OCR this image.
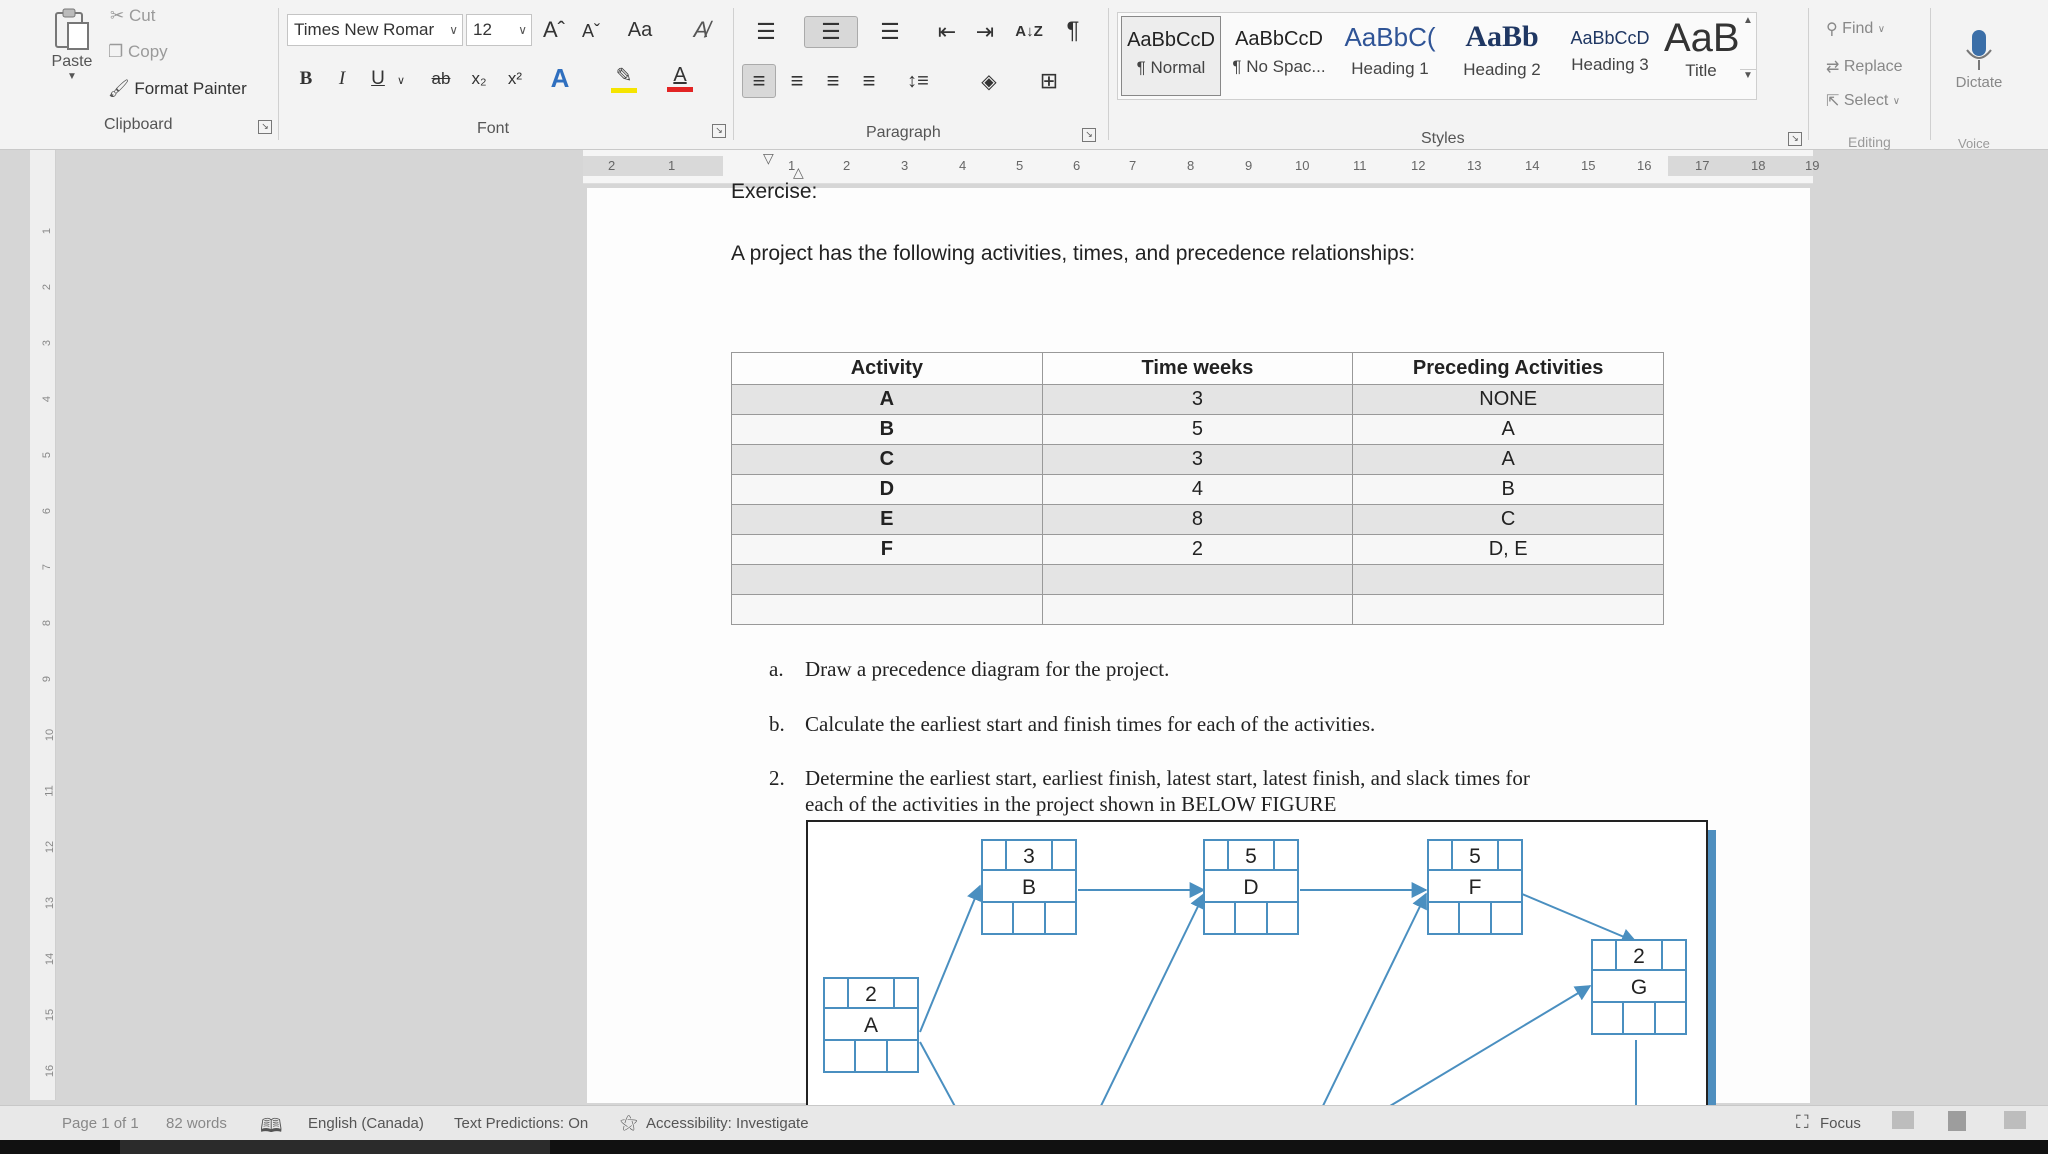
Paste
▼
✂
Cut
❐
Copy
🖌
Format Painter
Clipboard	↘
Times New Romar ∨ 12 ∨ Aˆ Aˇ	Aa	A̸
B	I	U	∨	ab	x₂	x² A	✎ A
Font	↘
☰	☰	☰	⇤ ⇥	A↓Z ¶
≡	≡	≡	≡	↕≡	◈	⊞
Paragraph	↘
AaBbCcD
¶ Normal
AaBbCcD
¶ No Spac...
AaBbC(
Heading 1
AaBb
Heading 2
AaBbCcD
Heading 3
AaB
Title
▲
▼
Styles	↘
⚲
Find
∨
⇄
Replace
⇱
Select
∨
Editing
Dictate
Voice
1
2
3
4
5
6
7
8
9
10
11
12
13
14
15
16
▽
△
2	1	1	2	3	4	5	6	7	8	9	10	11	12	13	14	15	16	17	18	19
Exercise:
A project has the following activities, times, and precedence relationships:
Activity	Time weeks	Preceding Activities
A	3	NONE
B	5	A
C	3	A
D	4	B
E	8	C
F	2	D, E

a. Draw a precedence diagram for the project.
b. Calculate the earliest start and finish times for each of the activities.
2. Determine the earliest start, earliest finish, latest start, latest finish, and slack times for
each of the activities in the project shown in BELOW FIGURE
3
B
5
D
5
F
2
G
2
A
Page 1 of 1 82 words 🕮 English (Canada) Text Predictions: On ⚝ Accessibility: Investigate	⛶ Focus
